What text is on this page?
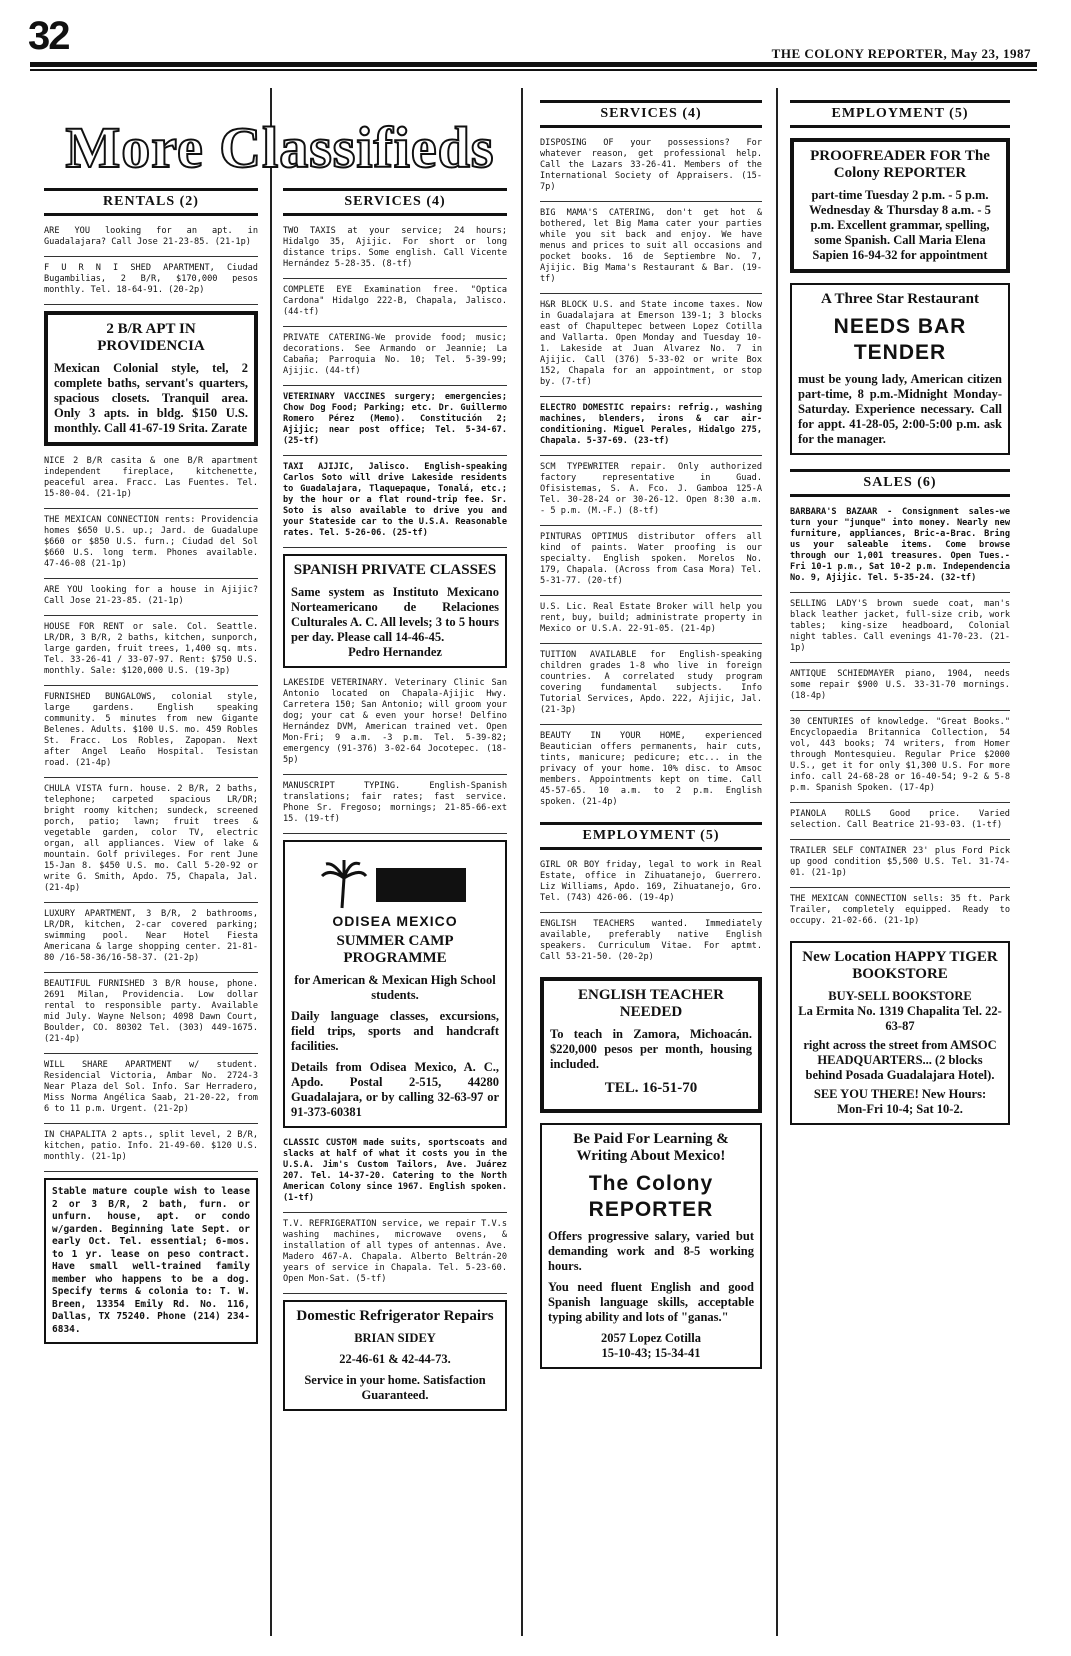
32	THE COLONY REPORTER, May 23, 1987
More Classifieds
RENTALS (2)
ARE YOU looking for an apt. in Guadalajara? Call Jose 21-23-85. (21-1p)
F U R N I SHED APARTMENT, Ciudad Bugambilias, 2 B/R, $170,000 pesos monthly. Tel. 18-64-91. (20-2p)
2 B/R APT IN PROVIDENCIA
Mexican Colonial style, tel, 2 complete baths, servant's quarters, spacious closets. Tranquil area. Only 3 apts. in bldg. $150 U.S. monthly. Call 41-67-19 Srita. Zarate
NICE 2 B/R casita & one B/R apartment independent fireplace, kitchenette, peaceful area. Fracc. Las Fuentes. Tel. 15-80-04. (21-1p)
THE MEXICAN CONNECTION rents: Providencia homes $650 U.S. up.; Jard. de Guadalupe $660 or $850 U.S. furn.; Ciudad del Sol $660 U.S. long term. Phones available. 47-46-08 (21-1p)
ARE YOU looking for a house in Ajijic? Call Jose 21-23-85. (21-1p)
HOUSE FOR RENT or sale. Col. Seattle. LR/DR, 3 B/R, 2 baths, kitchen, sunporch, large garden, fruit trees, 1,400 sq. mts. Tel. 33-26-41 / 33-07-97. Rent: $750 U.S. monthly. Sale: $120,000 U.S. (19-3p)
FURNISHED BUNGALOWS, colonial style, large gardens. English speaking community. 5 minutes from new Gigante Belenes. Adults. $100 U.S. mo. 459 Robles St. Fracc. Los Robles, Zapopan. Next after Angel Leaño Hospital. Tesistan road. (21-4p)
CHULA VISTA furn. house. 2 B/R, 2 baths, telephone; carpeted spacious LR/DR; bright roomy kitchen; sundeck, screened porch, patio; lawn; fruit trees & vegetable garden, color TV, electric organ, all appliances. View of lake & mountain. Golf privileges. For rent June 15-Jan 8. $450 U.S. mo. Call 5-20-92 or write G. Smith, Apdo. 75, Chapala, Jal. (21-4p)
LUXURY APARTMENT, 3 B/R, 2 bathrooms, LR/DR, kitchen, 2-car covered parking; swimming pool. Near Hotel Fiesta Americana & large shopping center. 21-81-80 /16-58-36/16-58-37. (21-2p)
BEAUTIFUL FURNISHED 3 B/R house, phone. 2691 Milan, Providencia. Low dollar rental to responsible party. Available mid July. Wayne Nelson; 4098 Dawn Court, Boulder, CO. 80302 Tel. (303) 449-1675. (21-4p)
WILL SHARE APARTMENT w/ student. Residencial Victoria, Ambar No. 2724-3 Near Plaza del Sol. Info. Sar Herradero, Miss Norma Angélica Saab, 21-20-22, from 6 to 11 p.m. Urgent. (21-2p)
IN CHAPALITA 2 apts., split level, 2 B/R, kitchen, patio. Info. 21-49-60. $120 U.S. monthly. (21-1p)
Stable mature couple wish to lease 2 or 3 B/R, 2 bath, furn. or unfurn. house, apt. or condo w/garden. Beginning late Sept. or early Oct. Tel. essential; 6-mos. to 1 yr. lease on peso contract. Have small well-trained family member who happens to be a dog. Specify terms & colonia to: T. W. Breen, 13354 Emily Rd. No. 116, Dallas, TX 75240. Phone (214) 234-6834.
SERVICES (4)
TWO TAXIS at your service; 24 hours; Hidalgo 35, Ajijic. For short or long distance trips. Some english. Call Vicente Hernández 5-28-35. (8-tf)
COMPLETE EYE Examination free. "Optica Cardona" Hidalgo 222-B, Chapala, Jalisco. (44-tf)
PRIVATE CATERING-We provide food; music; decorations. See Armando or Jeannie; La Cabaña; Parroquia No. 10; Tel. 5-39-99; Ajijic. (44-tf)
VETERINARY VACCINES surgery; emergencies; Chow Dog Food; Parking; etc. Dr. Guillermo Romero Pérez (Memo). Constitución 2; Ajijic; near post office; Tel. 5-34-67. (25-tf)
TAXI AJIJIC, Jalisco. English-speaking Carlos Soto will drive Lakeside residents to Guadalajara, Tlaquepaque, Tonalá, etc.; by the hour or a flat round-trip fee. Sr. Soto is also available to drive you and your Stateside car to the U.S.A. Reasonable rates. Tel. 5-26-06. (25-tf)
SPANISH PRIVATE CLASSES
Same system as Instituto Mexicano Norteamericano de Relaciones Culturales A. C. All levels; 3 to 5 hours per day. Please call 14-46-45.
Pedro Hernandez
LAKESIDE VETERINARY. Veterinary Clinic San Antonio located on Chapala-Ajijic Hwy. Carretera 150; San Antonio; will groom your dog; your cat & even your horse! Delfino Hernández DVM, American trained vet. Open Mon-Fri; 9 a.m. -3 p.m. Tel. 5-39-82; emergency (91-376) 3-02-64 Jocotepec. (18-5p)
MANUSCRIPT TYPING. English-Spanish translations; fair rates; fast service. Phone Sr. Fregoso; mornings; 21-85-66-ext 15. (19-tf)
ODISEA MEXICO
SUMMER CAMP PROGRAMME
for American & Mexican High School students.
Daily language classes, excursions, field trips, sports and handcraft facilities.
Details from Odisea Mexico, A. C., Apdo. Postal 2-515, 44280 Guadalajara, or by calling 32-63-97 or 91-373-60381
CLASSIC CUSTOM made suits, sportscoats and slacks at half of what it costs you in the U.S.A. Jim's Custom Tailors, Ave. Juárez 207. Tel. 14-37-20. Catering to the North American Colony since 1967. English spoken. (1-tf)
T.V. REFRIGERATION service, we repair T.V.s washing machines, microwave ovens, & installation of all types of antennas. Ave. Madero 467-A. Chapala. Alberto Beltrán-20 years of service in Chapala. Tel. 5-23-60. Open Mon-Sat. (5-tf)
Domestic Refrigerator Repairs
BRIAN SIDEY
22-46-61 & 42-44-73.
Service in your home. Satisfaction Guaranteed.
SERVICES (4)
DISPOSING OF your possessions? For whatever reason, get professional help. Call the Lazars 33-26-41. Members of the International Society of Appraisers. (15-7p)
BIG MAMA'S CATERING, don't get hot & bothered, let Big Mama cater your parties while you sit back and enjoy. We have menus and prices to suit all occasions and pocket books. 16 de Septiembre No. 7, Ajijic. Big Mama's Restaurant & Bar. (19-tf)
H&R BLOCK U.S. and State income taxes. Now in Guadalajara at Emerson 139-1; 3 blocks east of Chapultepec between Lopez Cotilla and Vallarta. Open Monday and Tuesday 10-1. Lakeside at Juan Alvarez No. 7 in Ajijic. Call (376) 5-33-02 or write Box 152, Chapala for an appointment, or stop by. (7-tf)
ELECTRO DOMESTIC repairs: refrig., washing machines, blenders, irons & car air-conditioning. Miguel Perales, Hidalgo 275, Chapala. 5-37-69. (23-tf)
SCM TYPEWRITER repair. Only authorized factory representative in Guad. Ofisistemas, S. A. Fco. J. Gamboa 125-A Tel. 30-28-24 or 30-26-12. Open 8:30 a.m. - 5 p.m. (M.-F.) (8-tf)
PINTURAS OPTIMUS distributor offers all kind of paints. Water proofing is our specialty. English spoken. Morelos No. 179, Chapala. (Across from Casa Mora) Tel. 5-31-77. (20-tf)
U.S. Lic. Real Estate Broker will help you rent, buy, build; administrate property in Mexico or U.S.A. 22-91-05. (21-4p)
TUITION AVAILABLE for English-speaking children grades 1-8 who live in foreign countries. A correlated study program covering fundamental subjects. Info Tutorial Services, Apdo. 222, Ajijic, Jal. (21-3p)
BEAUTY IN YOUR HOME, experienced Beautician offers permanents, hair cuts, tints, manicure; pedicure; etc... in the privacy of your home. 10% disc. to Amsoc members. Appointments kept on time. Call 45-57-65. 10 a.m. to 2 p.m. English spoken. (21-4p)
EMPLOYMENT (5)
GIRL OR BOY friday, legal to work in Real Estate, office in Zihuatanejo, Guerrero. Liz Williams, Apdo. 169, Zihuatanejo, Gro. Tel. (743) 426-06. (19-4p)
ENGLISH TEACHERS wanted. Immediately available, preferably native English speakers. Curriculum Vitae. For aptmt. Call 53-21-50. (20-2p)
ENGLISH TEACHER NEEDED
To teach in Zamora, Michoacán. $220,000 pesos per month, housing included.
TEL. 16-51-70
Be Paid For Learning & Writing About Mexico!
The Colony REPORTER
Offers progressive salary, varied but demanding work and 8-5 working hours.
You need fluent English and good Spanish language skills, acceptable typing ability and lots of "ganas."
2057 Lopez Cotilla
15-10-43; 15-34-41
EMPLOYMENT (5)
PROOFREADER FOR The Colony REPORTER
part-time Tuesday 2 p.m. - 5 p.m. Wednesday & Thursday 8 a.m. - 5 p.m. Excellent grammar, spelling, some Spanish. Call Maria Elena Sapien 16-94-32 for appointment
A Three Star Restaurant
NEEDS BAR TENDER
must be young lady, American citizen part-time, 8 p.m.-Midnight Monday-Saturday. Experience necessary. Call for appt. 41-28-05, 2:00-5:00 p.m. ask for the manager.
SALES (6)
BARBARA'S BAZAAR - Consignment sales-we turn your "junque" into money. Nearly new furniture, appliances, Bric-a-Brac. Bring us your saleable items. Come browse through our 1,001 treasures. Open Tues.-Fri 10-1 p.m., Sat 10-2 p.m. Independencia No. 9, Ajijic. Tel. 5-35-24. (32-tf)
SELLING LADY'S brown suede coat, man's black leather jacket, full-size crib, work tables; king-size headboard, Colonial night tables. Call evenings 41-70-23. (21-1p)
ANTIQUE SCHIEDMAYER piano, 1904, needs some repair $900 U.S. 33-31-70 mornings. (18-4p)
30 CENTURIES of knowledge. "Great Books." Encyclopaedia Britannica Collection, 54 vol, 443 books; 74 writers, from Homer through Montesquieu. Regular Price $2000 U.S., get it for only $1,300 U.S. For more info. call 24-68-28 or 16-40-54; 9-2 & 5-8 p.m. Spanish Spoken. (17-4p)
PIANOLA ROLLS Good price. Varied selection. Call Beatrice 21-93-03. (1-tf)
TRAILER SELF CONTAINER 23' plus Ford Pick up good condition $5,500 U.S. Tel. 31-74-01. (21-1p)
THE MEXICAN CONNECTION sells: 35 ft. Park Trailer, completely equipped. Ready to occupy. 21-02-66. (21-1p)
New Location HAPPY TIGER BOOKSTORE
BUY-SELL BOOKSTORE
La Ermita No. 1319 Chapalita Tel. 22-63-87
right across the street from AMSOC HEADQUARTERS... (2 blocks behind Posada Guadalajara Hotel).
SEE YOU THERE! New Hours: Mon-Fri 10-4; Sat 10-2.
